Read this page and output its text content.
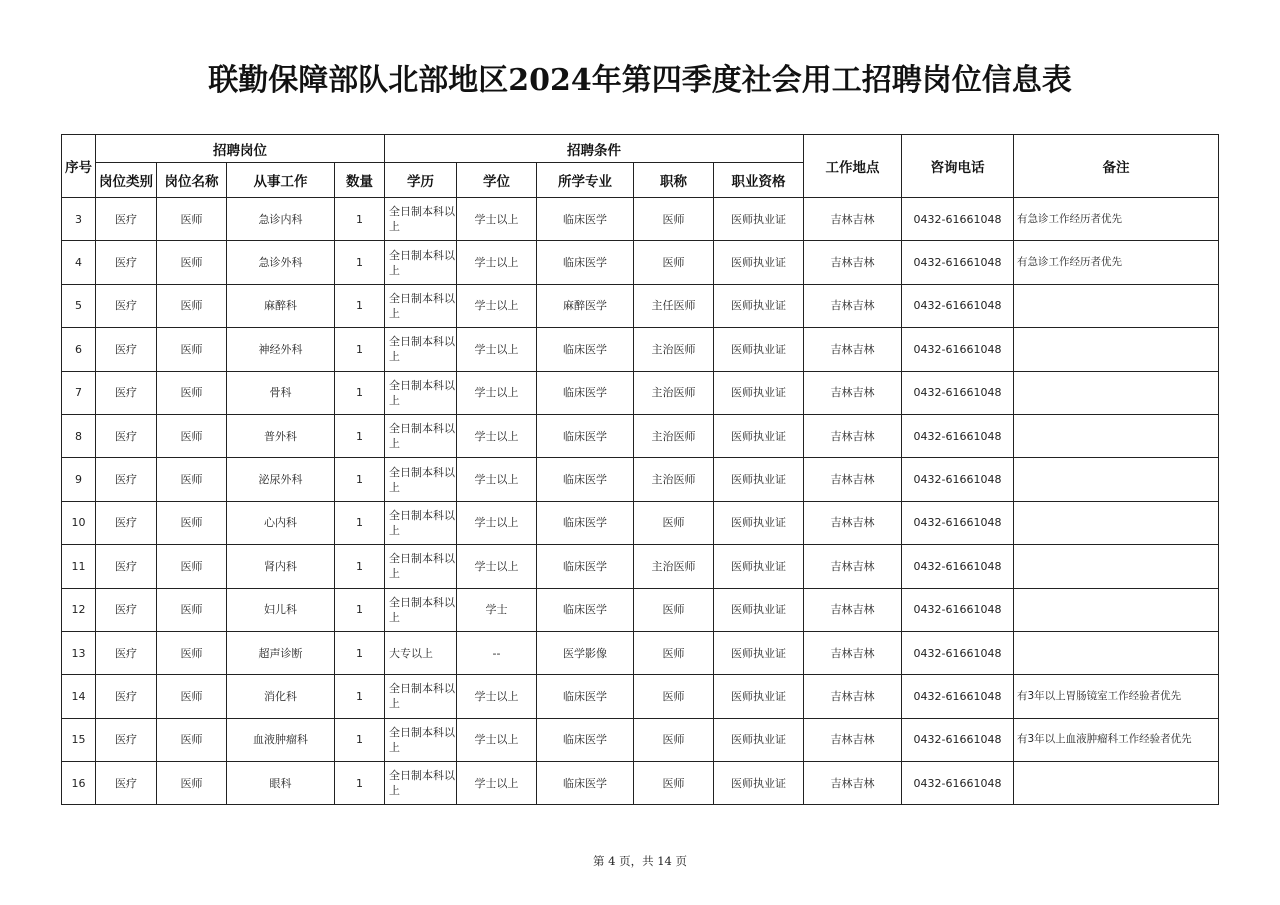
联勤保障部队北部地区2024年第四季度社会用工招聘岗位信息表
序号	招聘岗位				招聘条件					工作地点	咨询电话	备注
	岗位类别	岗位名称	从事工作	数量	学历	学位	所学专业	职称	职业资格			
3	医疗	医师	急诊内科	1	全日制本科以上	学士以上	临床医学	医师	医师执业证	吉林吉林	0432-61661048	有急诊工作经历者优先
4	医疗	医师	急诊外科	1	全日制本科以上	学士以上	临床医学	医师	医师执业证	吉林吉林	0432-61661048	有急诊工作经历者优先
5	医疗	医师	麻醉科	1	全日制本科以上	学士以上	麻醉医学	主任医师	医师执业证	吉林吉林	0432-61661048	
6	医疗	医师	神经外科	1	全日制本科以上	学士以上	临床医学	主治医师	医师执业证	吉林吉林	0432-61661048	
7	医疗	医师	骨科	1	全日制本科以上	学士以上	临床医学	主治医师	医师执业证	吉林吉林	0432-61661048	
8	医疗	医师	普外科	1	全日制本科以上	学士以上	临床医学	主治医师	医师执业证	吉林吉林	0432-61661048	
9	医疗	医师	泌尿外科	1	全日制本科以上	学士以上	临床医学	主治医师	医师执业证	吉林吉林	0432-61661048	
10	医疗	医师	心内科	1	全日制本科以上	学士以上	临床医学	医师	医师执业证	吉林吉林	0432-61661048	
11	医疗	医师	肾内科	1	全日制本科以上	学士以上	临床医学	主治医师	医师执业证	吉林吉林	0432-61661048	
12	医疗	医师	妇儿科	1	全日制本科以上	学士	临床医学	医师	医师执业证	吉林吉林	0432-61661048	
13	医疗	医师	超声诊断	1	大专以上	--	医学影像	医师	医师执业证	吉林吉林	0432-61661048	
14	医疗	医师	消化科	1	全日制本科以上	学士以上	临床医学	医师	医师执业证	吉林吉林	0432-61661048	有3年以上胃肠镜室工作经验者优先
15	医疗	医师	血液肿瘤科	1	全日制本科以上	学士以上	临床医学	医师	医师执业证	吉林吉林	0432-61661048	有3年以上血液肿瘤科工作经验者优先
16	医疗	医师	眼科	1	全日制本科以上	学士以上	临床医学	医师	医师执业证	吉林吉林	0432-61661048	
第 4 页，共 14 页
